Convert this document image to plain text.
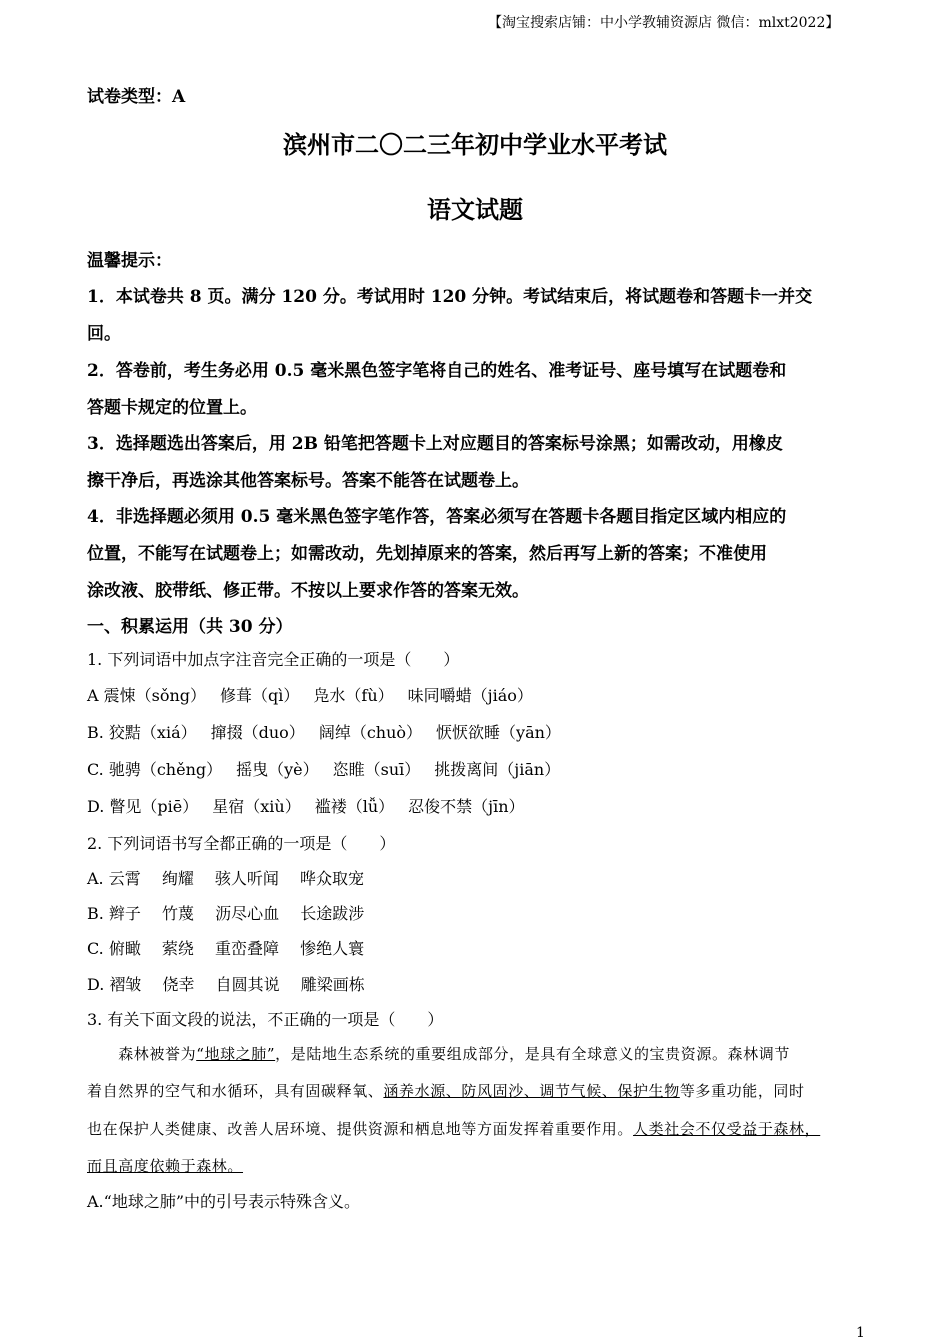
【淘宝搜索店铺：中小学教辅资源店 微信：mlxt2022】
试卷类型：A
滨州市二〇二三年初中学业水平考试
语文试题
温馨提示：
1．本试卷共 8 页。满分 120 分。考试用时 120 分钟。考试结束后，将试题卷和答题卡一并交
回。
2．答卷前，考生务必用 0.5 毫米黑色签字笔将自己的姓名、准考证号、座号填写在试题卷和
答题卡规定的位置上。
3．选择题选出答案后，用 2B 铅笔把答题卡上对应题目的答案标号涂黑；如需改动，用橡皮
擦干净后，再选涂其他答案标号。答案不能答在试题卷上。
4．非选择题必须用 0.5 毫米黑色签字笔作答，答案必须写在答题卡各题目指定区域内相应的
位置，不能写在试题卷上；如需改动，先划掉原来的答案，然后再写上新的答案；不准使用
涂改液、胶带纸、修正带。不按以上要求作答的答案无效。
一、积累运用（共 30 分）
1. 下列词语中加点字注音完全正确的一项是（　　）
A 震悚（sǒng） 修葺（qì） 凫水（fù） 味同嚼蜡（jiáo）
B. 狡黠（xiá） 撺掇（duo） 阔绰（chuò） 恹恹欲睡（yān）
C. 驰骋（chěng） 摇曳（yè） 恣睢（suī） 挑拨离间（jiān）
D. 瞥见（piē） 星宿（xiù） 褴褛（lǚ） 忍俊不禁（jīn）
2. 下列词语书写全都正确的一项是（　　）
A. 云霄　 绚耀　 骇人听闻　 哗众取宠
B. 辫子　 竹蔑　 沥尽心血　 长途跋涉
C. 俯瞰　 萦绕　 重峦叠障　 惨绝人寰
D. 褶皱　 侥幸　 自圆其说　 雕梁画栋
3. 有关下面文段的说法，不正确的一项是（　　）
　　森林被誉为“地球之肺”，是陆地生态系统的重要组成部分，是具有全球意义的宝贵资源。森林调节
着自然界的空气和水循环，具有固碳释氧、涵养水源、防风固沙、调节气候、保护生物等多重功能，同时
也在保护人类健康、改善人居环境、提供资源和栖息地等方面发挥着重要作用。人类社会不仅受益于森林，
而且高度依赖于森林。
A.“地球之肺”中的引号表示特殊含义。
1
